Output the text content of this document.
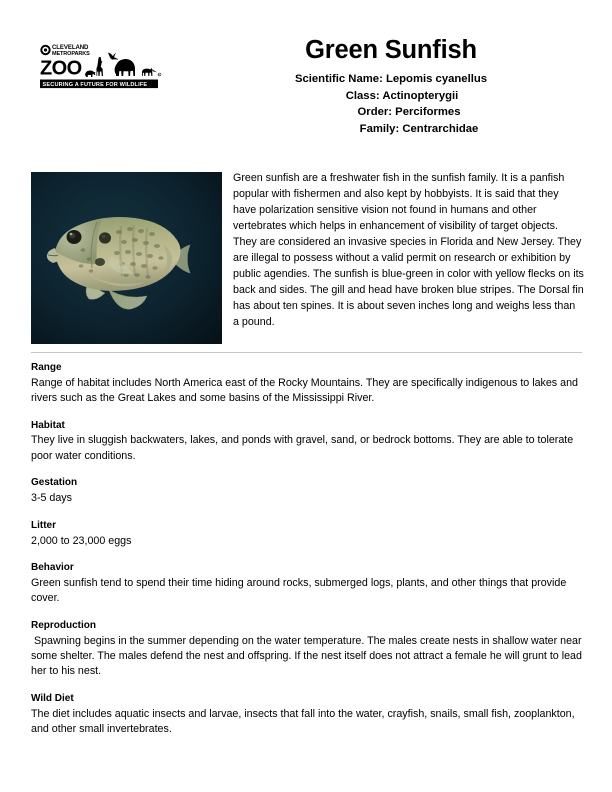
CLEVELAND
METROPARKS
ZOO	R
SECURING A FUTURE FOR WILDLIFE
Green Sunfish
Scientific Name: Lepomis cyanellus
Class: Actinopterygii
Order: Perciformes
Family: Centrarchidae
Green sunfish are a freshwater fish in the sunfish family. It is a panfish popular with fishermen and also kept by hobbyists. It is said that they have polarization sensitive vision not found in humans and other vertebrates which helps in enhancement of visibility of target objects. They are considered an invasive species in Florida and New Jersey. They are illegal to possess without a valid permit on research or exhibition by public agendies. The sunfish is blue-green in color with yellow flecks on its back and sides. The gill and head have broken blue stripes. The Dorsal fin has about ten spines. It is about seven inches long and weighs less than a pound.
Range

Range of habitat includes North America east of the Rocky Mountains. They are specifically indigenous to lakes and rivers such as the Great Lakes and some basins of the Mississippi River.

Habitat

They live in sluggish backwaters, lakes, and ponds with gravel, sand, or bedrock bottoms. They are able to tolerate poor water conditions.

Gestation

3-5 days

Litter

2,000 to 23,000 eggs

Behavior

Green sunfish tend to spend their time hiding around rocks, submerged logs, plants, and other things that provide cover.

Reproduction

Spawning begins in the summer depending on the water temperature. The males create nests in shallow water near some shelter. The males defend the nest and offspring. If the nest itself does not attract a female he will grunt to lead her to his nest.

Wild Diet

The diet includes aquatic insects and larvae, insects that fall into the water, crayfish, snails, small fish, zooplankton, and other small invertebrates.
